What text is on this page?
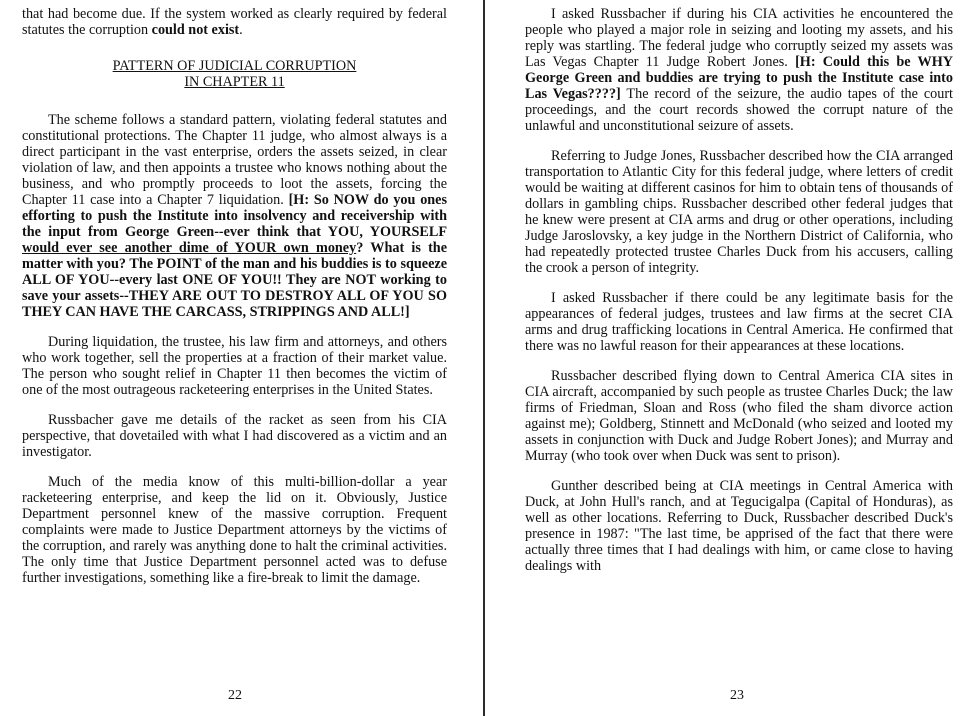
that had become due. If the system worked as clearly required by federal statutes the corruption could not exist.

PATTERN OF JUDICIAL CORRUPTION
IN CHAPTER 11

The scheme follows a standard pattern, violating federal statutes and constitutional protections. The Chapter 11 judge, who almost always is a direct participant in the vast enterprise, orders the assets seized, in clear violation of law, and then appoints a trustee who knows nothing about the business, and who promptly proceeds to loot the assets, forcing the Chapter 11 case into a Chapter 7 liquidation. [H: So NOW do you ones efforting to push the Institute into insolvency and receivership with the input from George Green--ever think that YOU, YOURSELF would ever see another dime of YOUR own money? What is the matter with you? The POINT of the man and his buddies is to squeeze ALL OF YOU--every last ONE OF YOU!! They are NOT working to save your assets--THEY ARE OUT TO DESTROY ALL OF YOU SO THEY CAN HAVE THE CARCASS, STRIPPINGS AND ALL!]

During liquidation, the trustee, his law firm and attorneys, and others who work together, sell the properties at a fraction of their market value. The person who sought relief in Chapter 11 then becomes the victim of one of the most outrageous racketeering enterprises in the United States.

Russbacher gave me details of the racket as seen from his CIA perspective, that dovetailed with what I had discovered as a victim and an investigator.

Much of the media know of this multi-billion-dollar a year racketeering enterprise, and keep the lid on it. Obviously, Justice Department personnel knew of the massive corruption. Frequent complaints were made to Justice Department attorneys by the victims of the corruption, and rarely was anything done to halt the criminal activities. The only time that Justice Department personnel acted was to defuse further investigations, something like a fire-break to limit the damage.

I asked Russbacher if during his CIA activities he encountered the people who played a major role in seizing and looting my assets, and his reply was startling. The federal judge who corruptly seized my assets was Las Vegas Chapter 11 Judge Robert Jones. [H: Could this be WHY George Green and buddies are trying to push the Institute case into Las Vegas????] The record of the seizure, the audio tapes of the court proceedings, and the court records showed the corrupt nature of the unlawful and unconstitutional seizure of assets.

Referring to Judge Jones, Russbacher described how the CIA arranged transportation to Atlantic City for this federal judge, where letters of credit would be waiting at different casinos for him to obtain tens of thousands of dollars in gambling chips. Russbacher described other federal judges that he knew were present at CIA arms and drug or other operations, including Judge Jaroslovsky, a key judge in the Northern District of California, who had repeatedly protected trustee Charles Duck from his accusers, calling the crook a person of integrity.

I asked Russbacher if there could be any legitimate basis for the appearances of federal judges, trustees and law firms at the secret CIA arms and drug trafficking locations in Central America. He confirmed that there was no lawful reason for their appearances at these locations.

Russbacher described flying down to Central America CIA sites in CIA aircraft, accompanied by such people as trustee Charles Duck; the law firms of Friedman, Sloan and Ross (who filed the sham divorce action against me); Goldberg, Stinnett and McDonald (who seized and looted my assets in conjunction with Duck and Judge Robert Jones); and Murray and Murray (who took over when Duck was sent to prison).

Gunther described being at CIA meetings in Central America with Duck, at John Hull's ranch, and at Tegucigalpa (Capital of Honduras), as well as other locations. Referring to Duck, Russbacher described Duck's presence in 1987: "The last time, be apprised of the fact that there were actually three times that I had dealings with him, or came close to having dealings with

22	23
